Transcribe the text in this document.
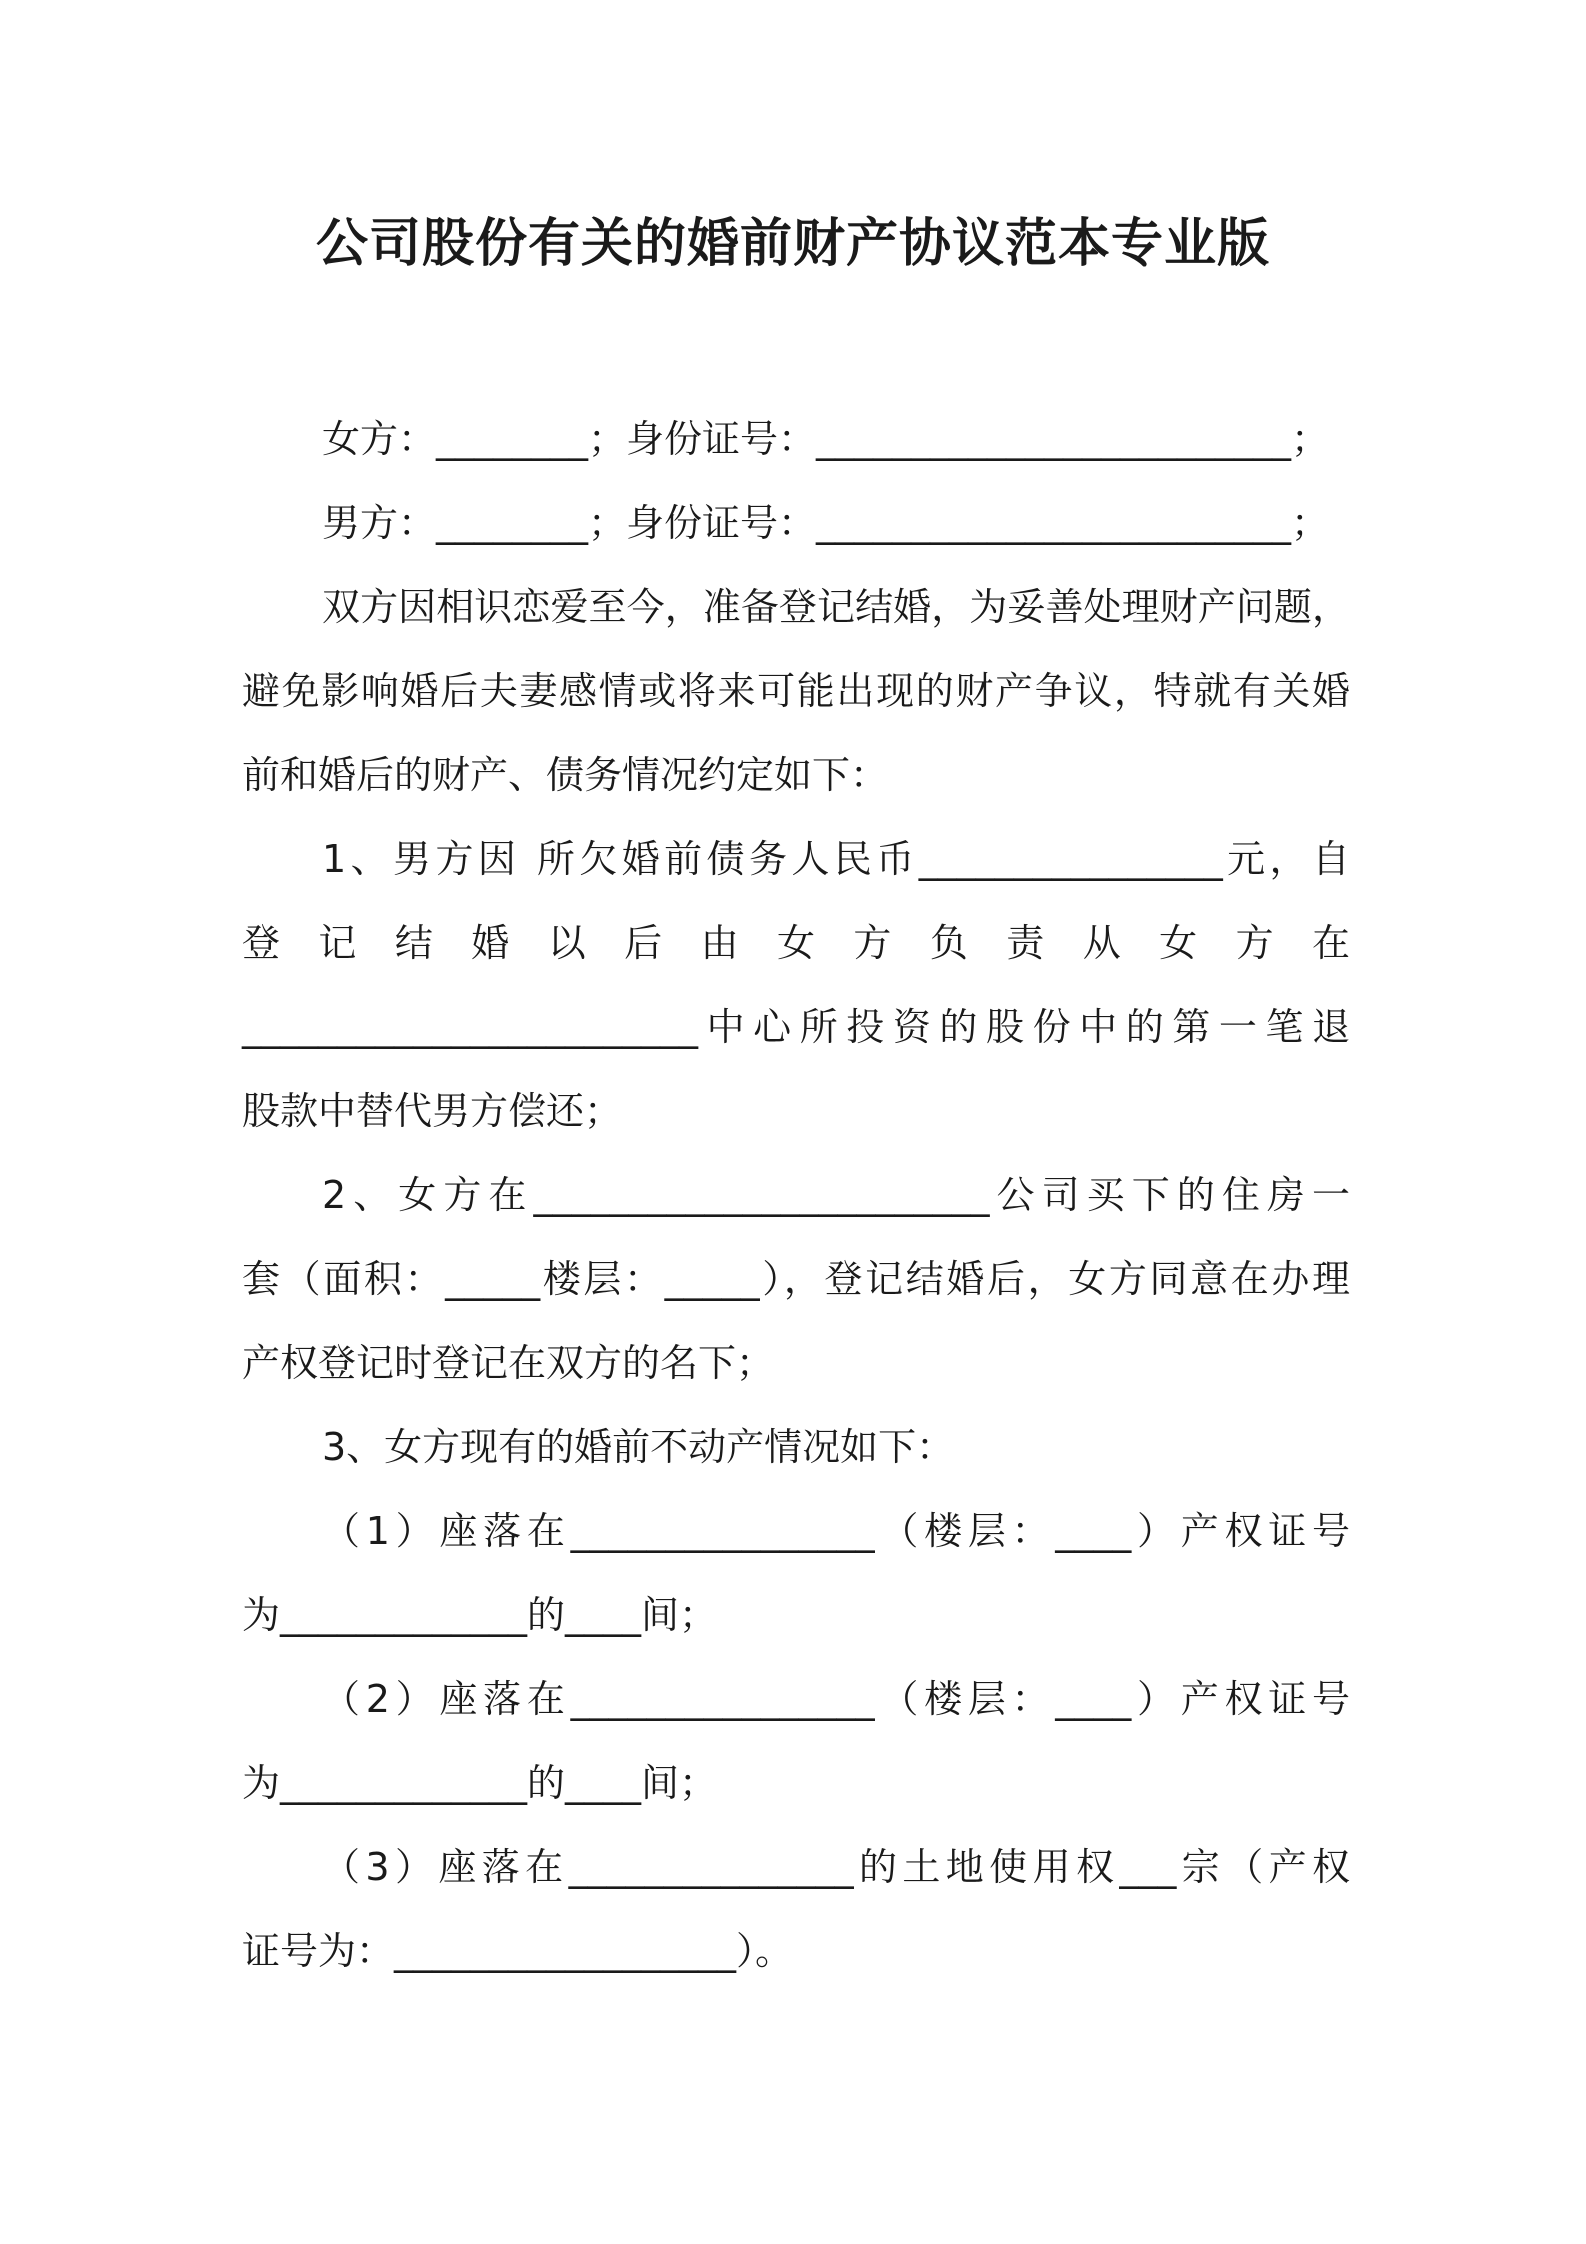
公司股份有关的婚前财产协议范本专业版
女方：________；身份证号：_________________________；
男方：________；身份证号：_________________________；
双方因相识恋爱至今，准备登记结婚，为妥善处理财产问题，
避免影响婚后夫妻感情或将来可能出现的财产争议，特就有关婚
前和婚后的财产、债务情况约定如下：
1、男方因 所欠婚前债务人民币________________元，自
登 记 结 婚 以 后 由 女 方 负 责 从 女 方 在
________________________中心所投资的股份中的第一笔退
股款中替代男方偿还；
2、女方在________________________公司买下的住房一
套（面积：_____楼层：_____），登记结婚后，女方同意在办理
产权登记时登记在双方的名下；
3、女方现有的婚前不动产情况如下：
（1）座落在________________（楼层：____）产权证号
为_____________的____间；
（2）座落在________________（楼层：____）产权证号
为_____________的____间；
（3）座落在_______________的土地使用权___宗（产权
证号为：__________________）。
